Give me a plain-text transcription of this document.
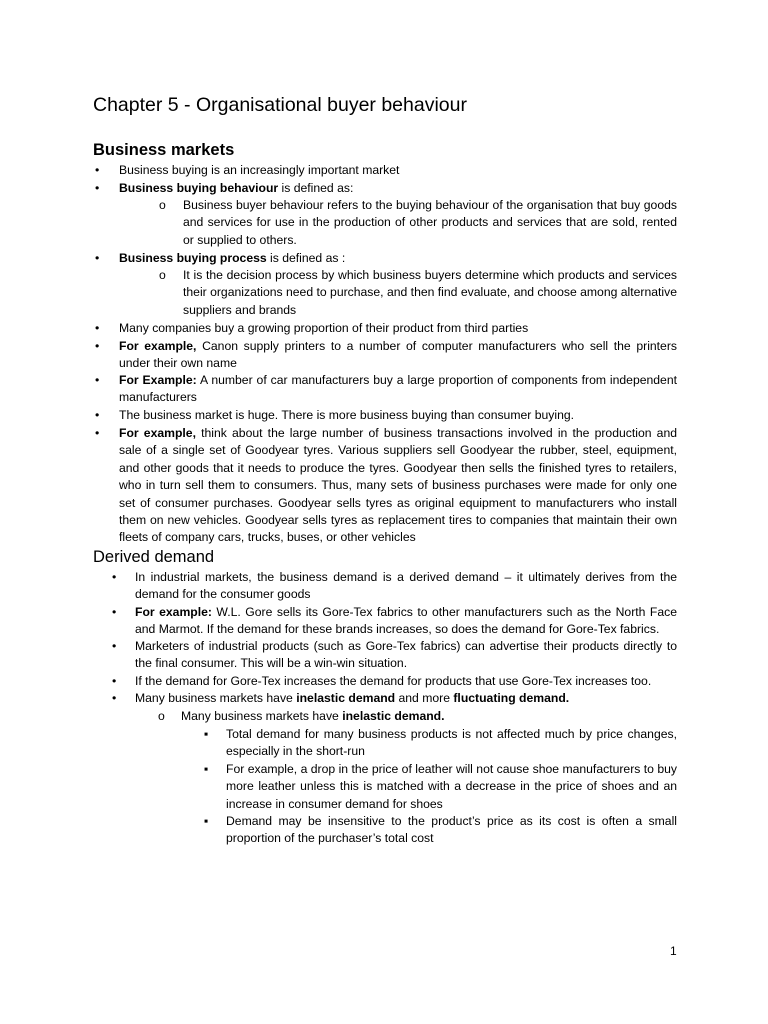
Chapter 5 - Organisational buyer behaviour
Business markets
• Business buying is an increasingly important market
• Business buying behaviour is defined as:
o Business buyer behaviour refers to the buying behaviour of the organisation that buy goods and services for use in the production of other products and services that are sold, rented or supplied to others.
• Business buying process is defined as :
o It is the decision process by which business buyers determine which products and services their organizations need to purchase, and then find evaluate, and choose among alternative suppliers and brands
• Many companies buy a growing proportion of their product from third parties
• For example, Canon supply printers to a number of computer manufacturers who sell the printers under their own name
• For Example: A number of car manufacturers buy a large proportion of components from independent manufacturers
• The business market is huge. There is more business buying than consumer buying.
• For example, think about the large number of business transactions involved in the production and sale of a single set of Goodyear tyres. Various suppliers sell Goodyear the rubber, steel, equipment, and other goods that it needs to produce the tyres. Goodyear then sells the finished tyres to retailers, who in turn sell them to consumers. Thus, many sets of business purchases were made for only one set of consumer purchases. Goodyear sells tyres as original equipment to manufacturers who install them on new vehicles. Goodyear sells tyres as replacement tires to companies that maintain their own fleets of company cars, trucks, buses, or other vehicles
Derived demand
• In industrial markets, the business demand is a derived demand – it ultimately derives from the demand for the consumer goods
• For example: W.L. Gore sells its Gore-Tex fabrics to other manufacturers such as the North Face and Marmot. If the demand for these brands increases, so does the demand for Gore-Tex fabrics.
• Marketers of industrial products (such as Gore-Tex fabrics) can advertise their products directly to the final consumer. This will be a win-win situation.
• If the demand for Gore-Tex increases the demand for products that use Gore-Tex increases too.
• Many business markets have inelastic demand and more fluctuating demand.
o Many business markets have inelastic demand.
▪ Total demand for many business products is not affected much by price changes, especially in the short-run
▪ For example, a drop in the price of leather will not cause shoe manufacturers to buy more leather unless this is matched with a decrease in the price of shoes and an increase in consumer demand for shoes
▪ Demand may be insensitive to the product’s price as its cost is often a small proportion of the purchaser’s total cost
1
